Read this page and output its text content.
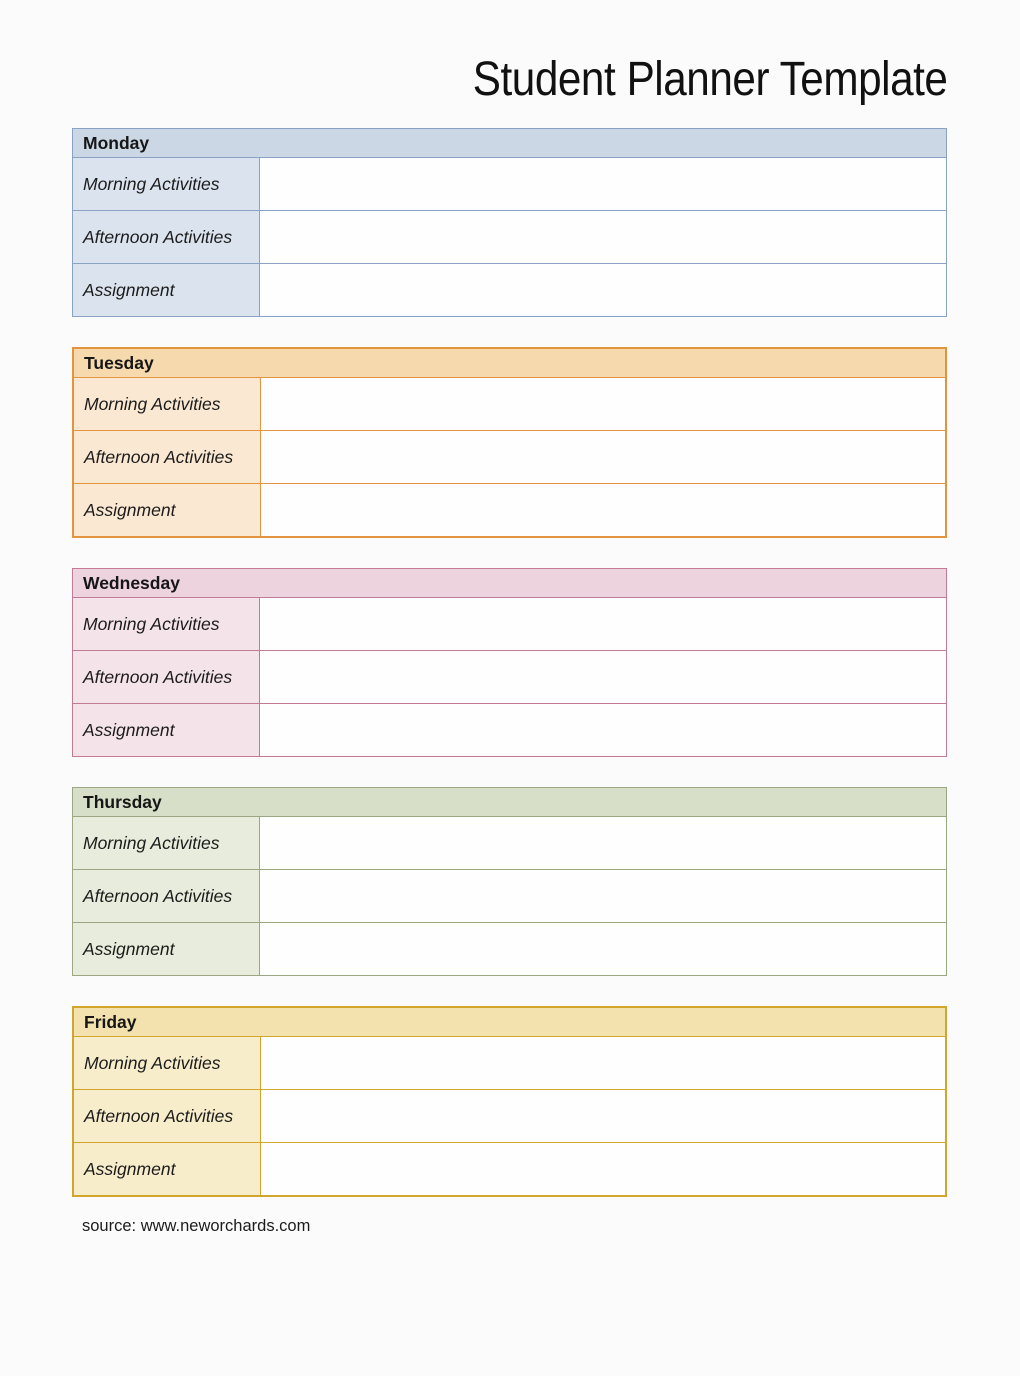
Student Planner Template
Monday
Morning Activities
Afternoon Activities
Assignment
Tuesday
Morning Activities
Afternoon Activities
Assignment
Wednesday
Morning Activities
Afternoon Activities
Assignment
Thursday
Morning Activities
Afternoon Activities
Assignment
Friday
Morning Activities
Afternoon Activities
Assignment
source: www.neworchards.com
